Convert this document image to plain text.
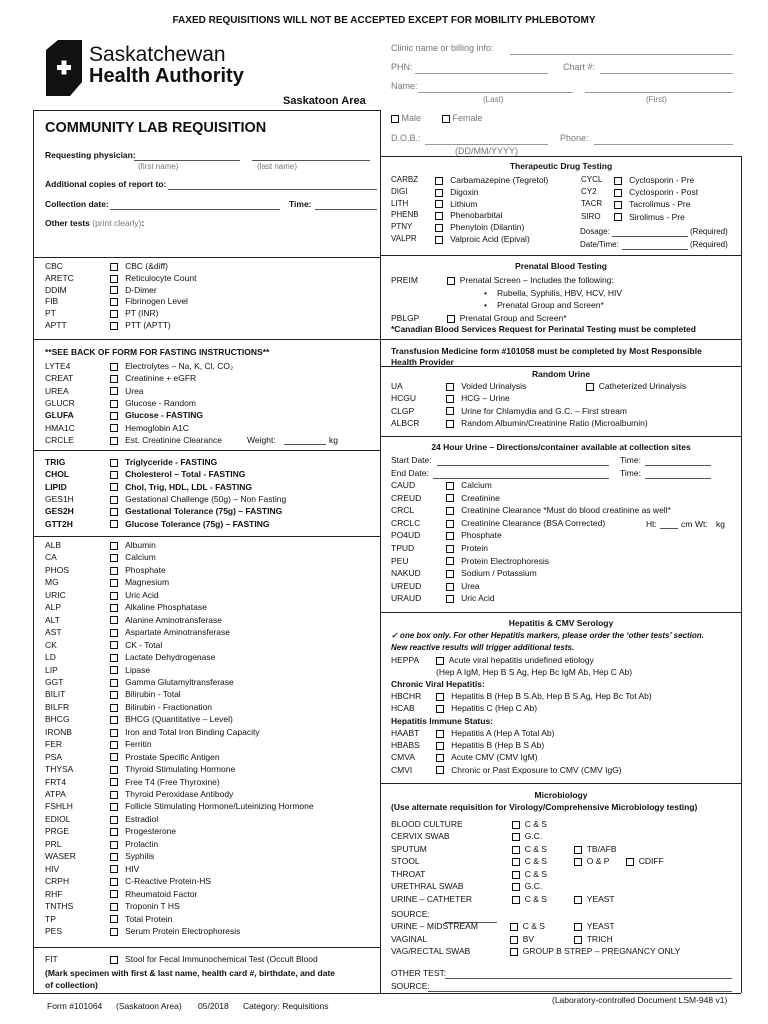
FAXED REQUISITIONS WILL NOT BE ACCEPTED EXCEPT FOR MOBILITY PHLEBOTOMY
Saskatchewan
Health Authority
Saskatoon Area
Clinic name or billing info:
PHN:	Chart #:
Name:
(Last)	(First)
Male	Female
D.O.B.:	Phone:
(DD/MM/YYYY)
COMMUNITY LAB REQUISITION
Requesting physician:
(first name)	(last name)
Additional copies of report to:
Collection date:	Time:
Other tests (print clearly):
**SEE BACK OF FORM FOR FASTING INSTRUCTIONS**
Weight:	kg
FIT	Stool for Fecal Immunochemical Test (Occult Blood
(Mark specimen with first & last name, health card #, birthdate, and date
of collection)
Form #101064 (Saskatoon Area) 05/2018 Category: Requisitions
(Laboratory-controlled Document LSM-948 v1)
Therapeutic Drug Testing
Dosage:	(Required)
Date/Time:	(Required)
Prenatal Blood Testing
PREIM	Prenatal Screen – Includes the following:
• Rubella, Syphilis, HBV, HCV, HIV
• Prenatal Group and Screen*
PBLGP	Prenatal Group and Screen*
*Canadian Blood Services Request for Perinatal Testing must be completed
Transfusion Medicine form #101058 must be completed by Most Responsible
Health Provider
Random Urine
Catheterized Urinalysis
24 Hour Urine – Directions/container available at collection sites
Start Date:	Time:
End Date:	Time:
Ht:	cm Wt: kg
Hepatitis & CMV Serology
✓ one box only. For other Hepatitis markers, please order the ‘other tests’ section.
New reactive results will trigger additional tests.
HEPPA	Acute viral hepatitis undefined etiology
(Hep A IgM, Hep B S Ag, Hep Bc IgM Ab, Hep C Ab)
Chronic Viral Hepatitis:
Hepatitis Immune Status:
Microbiology
(Use alternate requisition for Virology/Comprehensive Microbiology testing)
OTHER TEST:
SOURCE:
CBC	CBC (&diff)
ARETC	Reticulocyte Count
DDIM	D-Dimer
FIB	Fibrinogen Level
PT	PT (INR)
APTT	PTT (APTT)
LYTE4	Electrolytes – Na, K, Cl, CO₂
CREAT	Creatinine + eGFR
UREA	Urea
GLUCR	Glucose - Random
GLUFA	Glucose - FASTING
HMA1C	Hemoglobin A1C
CRCLE	Est. Creatinine Clearance
TRIG	Triglyceride - FASTING
CHOL	Cholesterol – Total - FASTING
LIPID	Chol, Trig, HDL, LDL - FASTING
GES1H	Gestational Challenge (50g) – Non Fasting
GES2H	Gestational Tolerance (75g) – FASTING
GTT2H	Glucose Tolerance (75g) – FASTING
ALB	Albumin
CA	Calcium
PHOS	Phosphate
MG	Magnesium
URIC	Uric Acid
ALP	Alkaline Phosphatase
ALT	Alanine Aminotransferase
AST	Aspartate Aminotransferase
CK	CK - Total
LD	Lactate Dehydrogenase
LIP	Lipase
GGT	Gamma Glutamyltransferase
BILIT	Bilirubin - Total
BILFR	Bilirubin - Fractionation
BHCG	BHCG (Quantitative – Level)
IRONB	Iron and Total Iron Binding Capacity
FER	Ferritin
PSA	Prostate Specific Antigen
THYSA	Thyroid Stimulating Hormone
FRT4	Free T4 (Free Thyroxine)
ATPA	Thyroid Peroxidase Antibody
FSHLH	Follicle Stimulating Hormone/Luteinizing Hormone
EDIOL	Estradiol
PRGE	Progesterone
PRL	Prolactin
WASER	Syphilis
HIV	HIV
CRPH	C-Reactive Protein-HS
RHF	Rheumatoid Factor
TNTHS	Troponin T HS
TP	Total Protein
PES	Serum Protein Electrophoresis
CARBZ	Carbamazepine (Tegretol)
DIGI	Digoxin
LITH	Lithium
PHENB	Phenobarbital
PTNY	Phenytoin (Dilantin)
VALPR	Valproic Acid (Epival)
CYCL	Cyclosporin - Pre
CY2	Cyclosporin - Post
TACR	Tacrolimus - Pre
SIRO	Sirolimus - Pre
UA	Voided Urinalysis
HCGU	HCG – Urine
CLGP	Urine for Chlamydia and G.C. – First stream
ALBCR	Random Albumin/Creatinine Ratio (Microalbumin)
CAUD	Calcium
CREUD	Creatinine
CRCL	Creatinine Clearance *Must do blood creatinine as well*
CRCLC	Creatinine Clearance (BSA Corrected)
PO4UD	Phosphate
TPUD	Protein
PEU	Protein Electrophoresis
NAKUD	Sodium / Potassium
UREUD	Urea
URAUD	Uric Acid
HBCHR	Hepatitis B (Hep B S.Ab, Hep B S Ag, Hep Bc Tot Ab)
HCAB	Hepatitis C (Hep C Ab)
HAABT	Hepatitis A (Hep A Total Ab)
HBABS	Hepatitis B (Hep B S Ab)
CMVA	Acute CMV (CMV IgM)
CMVI	Chronic or Past Exposure to CMV (CMV IgG)
BLOOD CULTURE	C & S
CERVIX SWAB	G.C.
SPUTUM	C & S	TB/AFB
STOOL	C & S	O & P	CDIFF
THROAT	C & S
URETHRAL SWAB	G.C.
URINE – CATHETER	C & S	YEAST
SOURCE:
URINE – MIDSTREAM	C & S	YEAST
VAGINAL	BV	TRICH
VAG/RECTAL SWAB	GROUP B STREP – PREGNANCY ONLY
